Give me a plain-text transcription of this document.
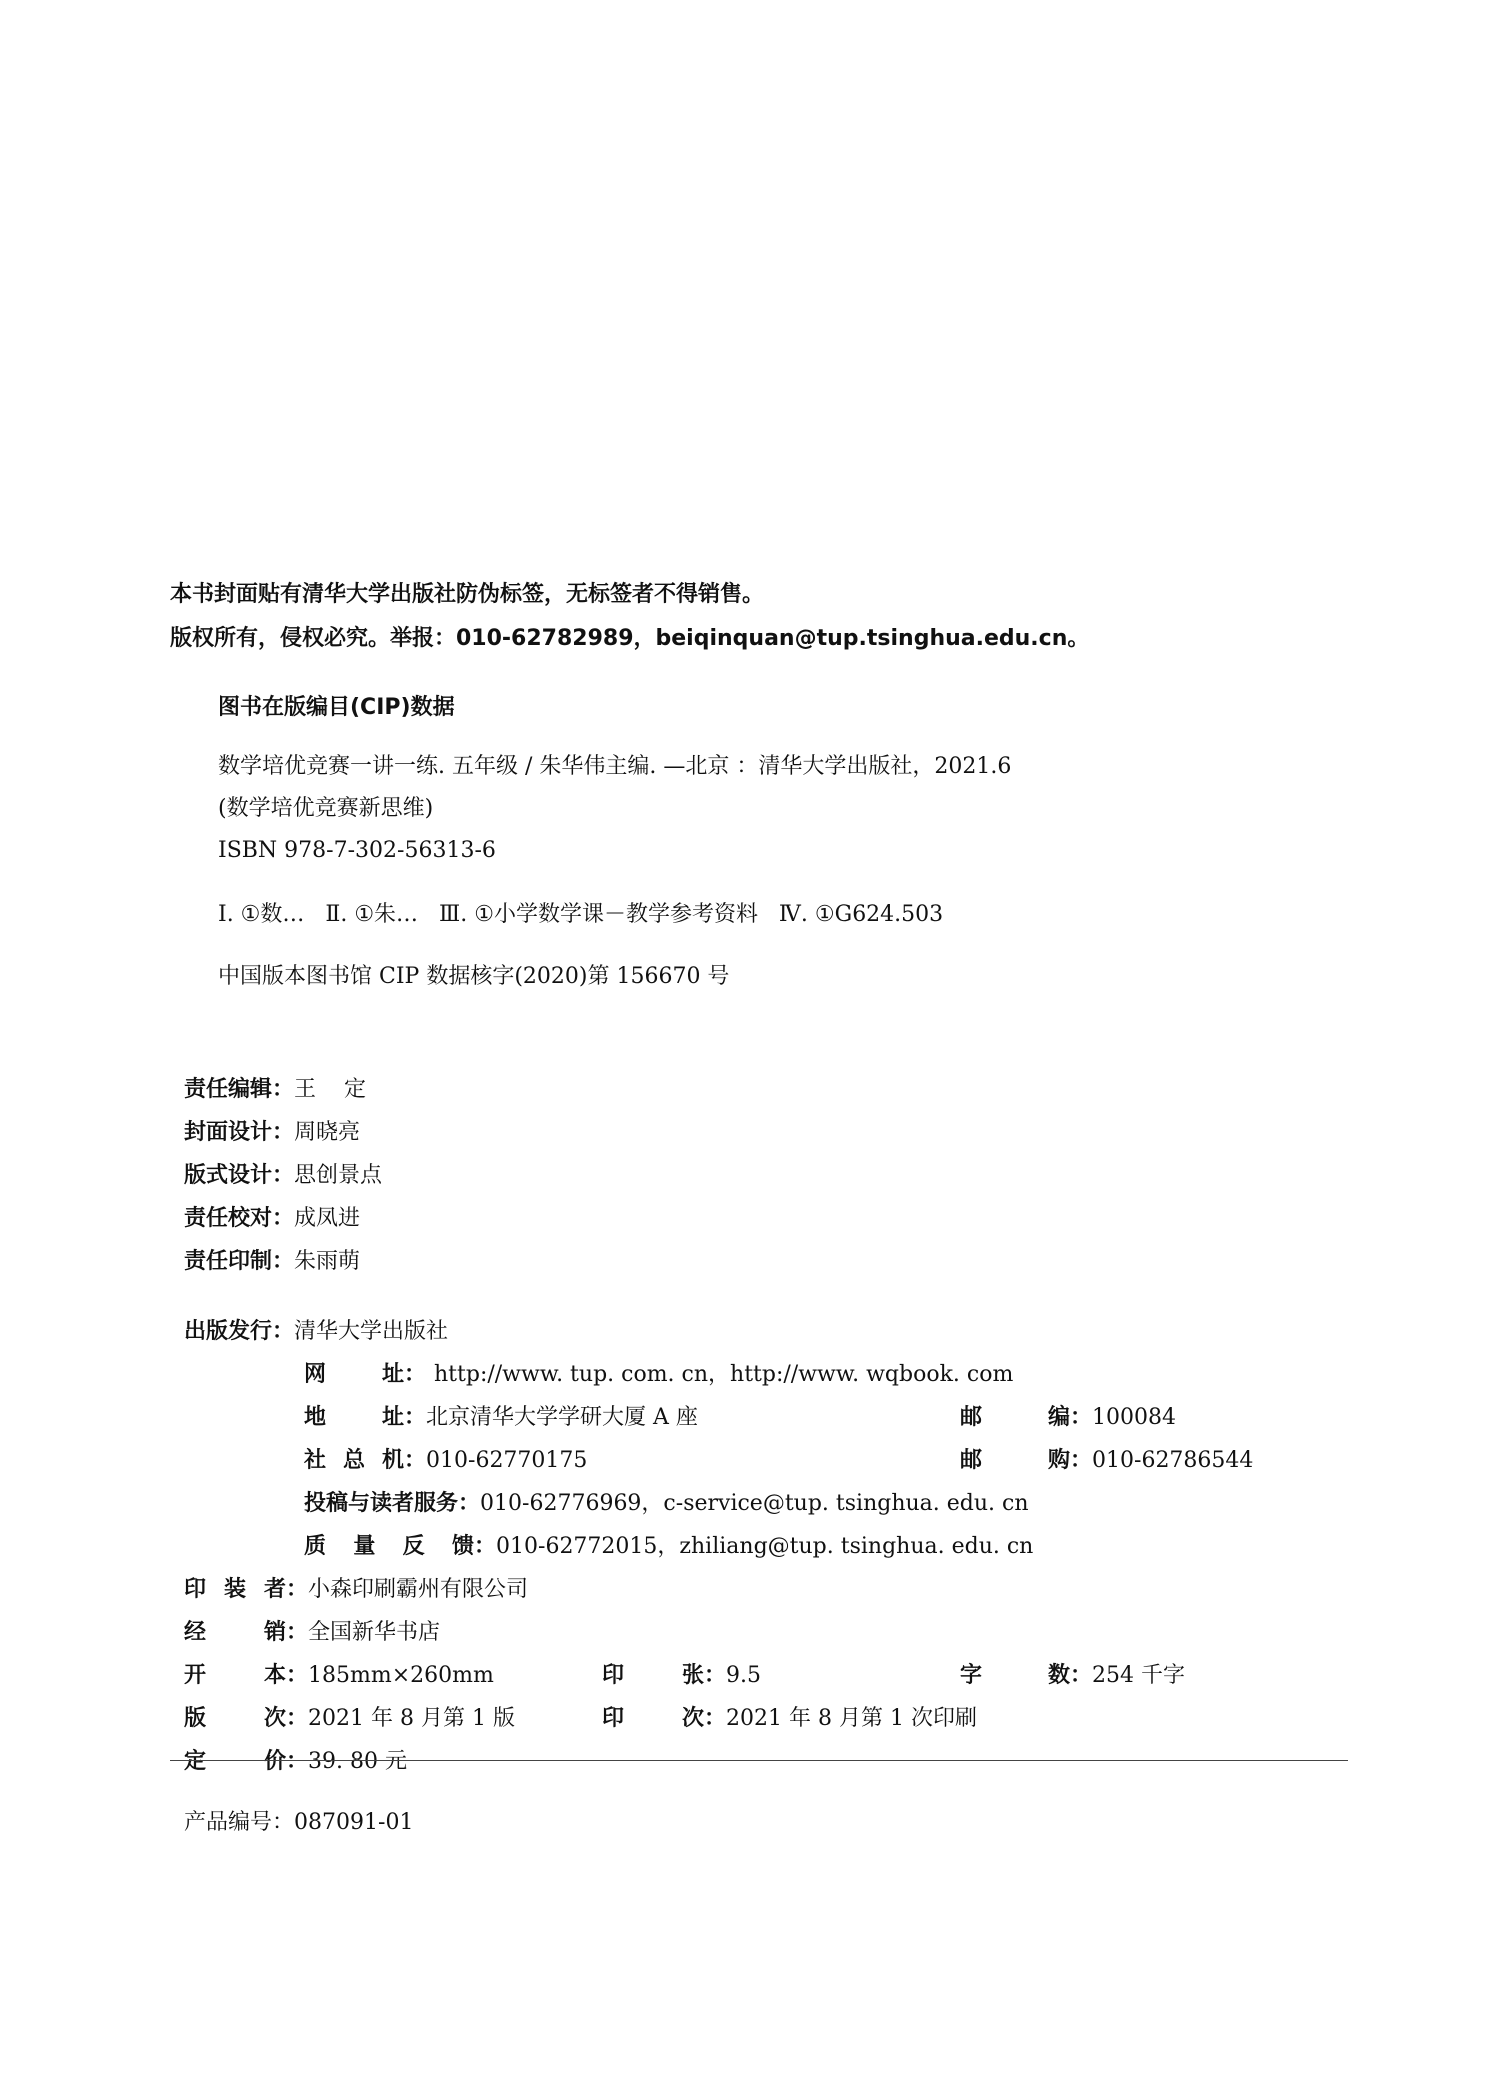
本书封面贴有清华大学出版社防伪标签，无标签者不得销售。
版权所有，侵权必究。举报：010-62782989，beiqinquan@tup.tsinghua.edu.cn。
图书在版编目(CIP)数据
数学培优竞赛一讲一练. 五年级 / 朱华伟主编. —北京 ：清华大学出版社，2021.6
(数学培优竞赛新思维)
ISBN 978-7-302-56313-6
Ⅰ. ①数…   Ⅱ. ①朱…   Ⅲ. ①小学数学课－教学参考资料   Ⅳ. ①G624.503
中国版本图书馆 CIP 数据核字(2020)第 156670 号

责任编辑：王    定

封面设计：周晓亮

版式设计：思创景点

责任校对：成凤进

责任印制：朱雨萌

出版发行：清华大学出版社

网址： http://www. tup. com. cn，http://www. wqbook. com

地址：北京清华大学学研大厦 A 座	邮编：100084

社总机：010-62770175	邮购：010-62786544

投稿与读者服务：010-62776969，c-service@tup. tsinghua. edu. cn

质量反馈：010-62772015，zhiliang@tup. tsinghua. edu. cn

印装者：小森印刷霸州有限公司

经销：全国新华书店

开本：185mm×260mm	印张：9.5	字数：254 千字

版次：2021 年 8 月第 1 版	印次：2021 年 8 月第 1 次印刷

定价：39. 80 元

产品编号：087091-01
